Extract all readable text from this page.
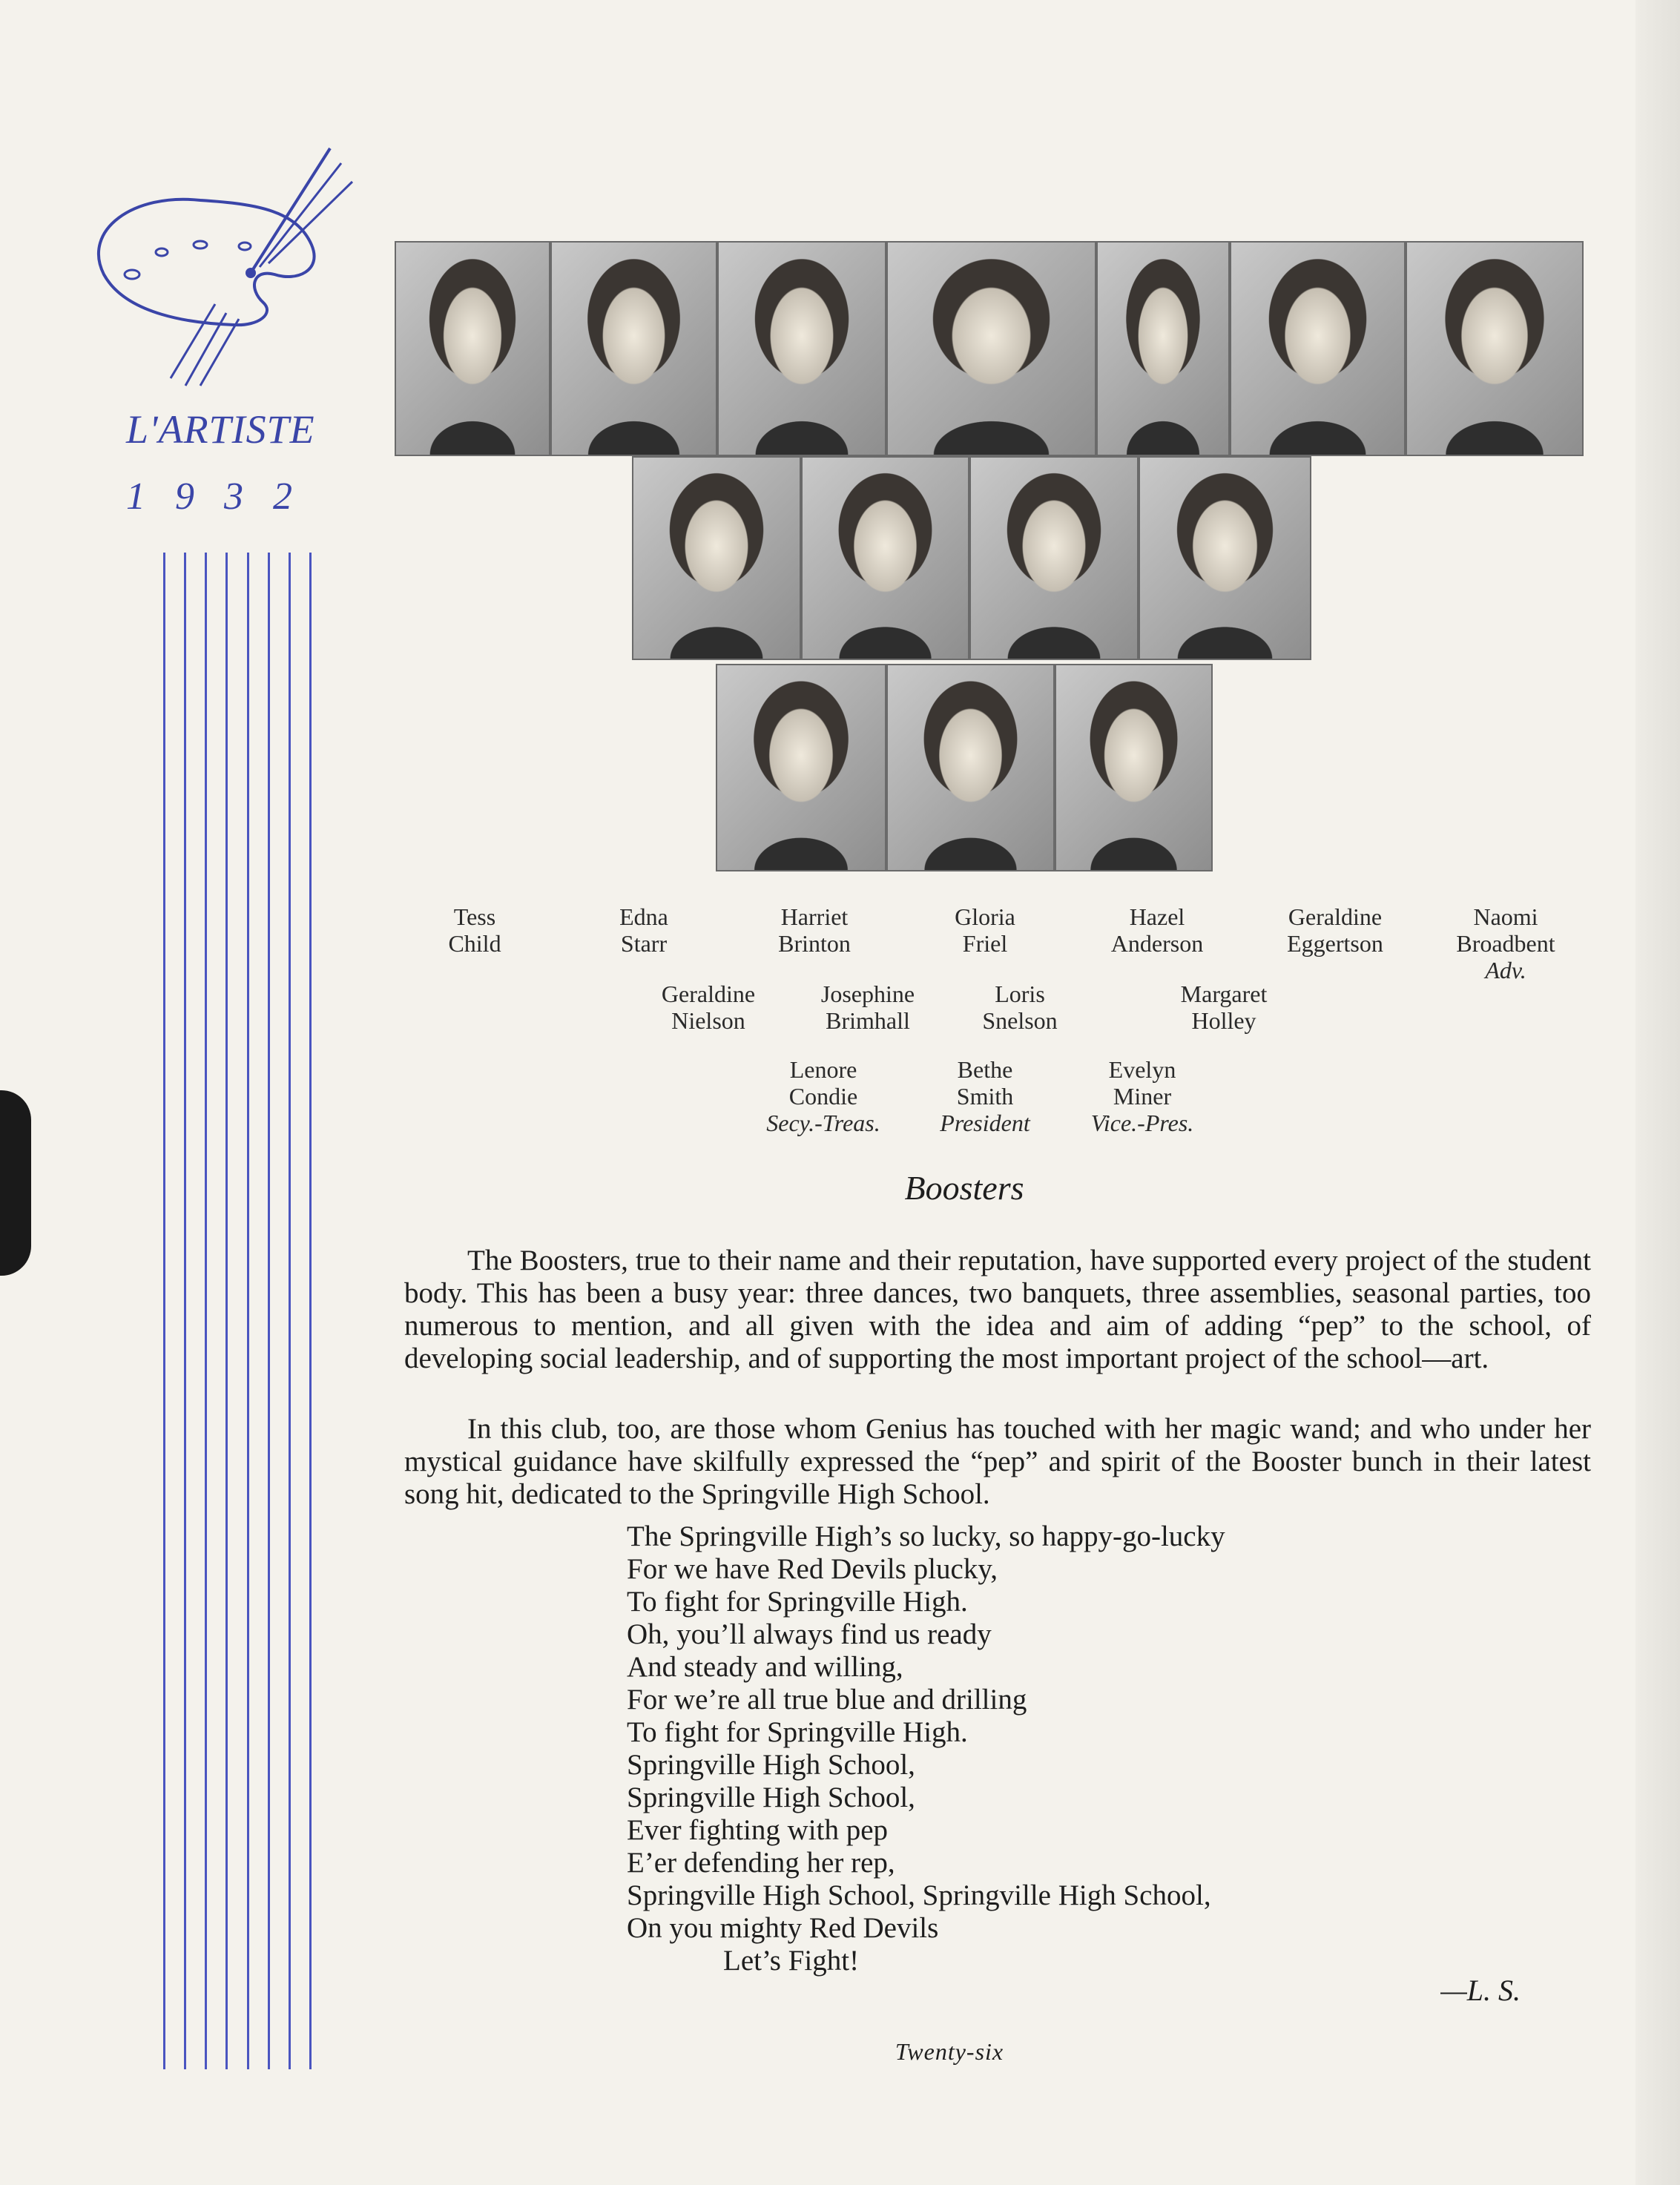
L'ARTISTE
1932
Tess
Child
Edna
Starr
Harriet
Brinton
Gloria
Friel
Hazel
Anderson
Geraldine
Eggertson
Naomi
Broadbent
Adv.
Geraldine
Nielson
Josephine
Brimhall
Loris
Snelson
Margaret
Holley
Lenore
Condie
Secy.-Treas.
Bethe
Smith
President
Evelyn
Miner
Vice.-Pres.
Boosters

The Boosters, true to their name and their reputation, have supported every project of the student body. This has been a busy year: three dances, two banquets, three assemblies, seasonal parties, too numerous to mention, and all given with the idea and aim of adding “pep” to the school, of developing social leadership, and of supporting the most important project of the school—art.

In this club, too, are those whom Genius has touched with her magic wand; and who under her mystical guidance have skilfully expressed the “pep” and spirit of the Booster bunch in their latest song hit, dedicated to the Springville High School.

The Springville High’s so lucky, so happy-go-lucky
For we have Red Devils plucky,
To fight for Springville High.
Oh, you’ll always find us ready
And steady and willing,
For we’re all true blue and drilling
To fight for Springville High.
Springville High School,
Springville High School,
Ever fighting with pep
E’er defending her rep,
Springville High School, Springville High School,
On you mighty Red Devils
Let’s Fight!
—L. S.
Twenty-six
